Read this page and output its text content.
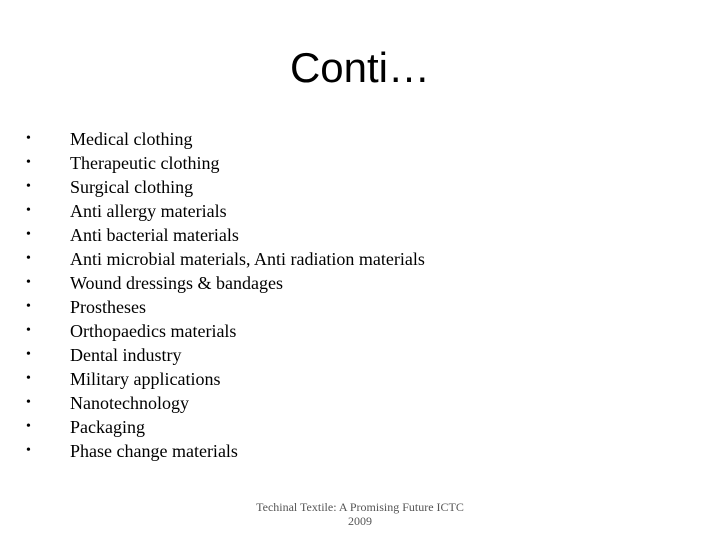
Conti…
•	Medical clothing
•	Therapeutic clothing
•	Surgical clothing
•	Anti allergy materials
•	Anti bacterial materials
•	Anti microbial materials, Anti radiation materials
•	Wound dressings & bandages
•	Prostheses
•	Orthopaedics materials
•	Dental industry
•	Military applications
•	Nanotechnology
•	Packaging
•	Phase change materials
Techinal Textile: A Promising Future ICTC
2009
